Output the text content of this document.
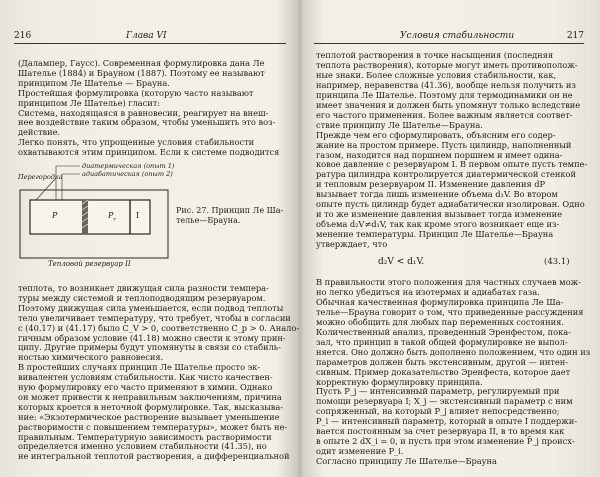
216	Глава VI
(Далампер, Гаусс). Современная формулировка дана Ле
Шателье (1884) и Брауном (1887). Поэтому ее называют
принципом Ле Шателье — Брауна.
Простейшая формулировка (которую часто называют
принципом Ле Шателье) гласит:
Система, находящаяся в равновесии, реагирует на внеш-
нее воздействие таким образом, чтобы уменьшить это воз-
действие.
Легко понять, что упрощенные условия стабильности
охватываются этим принципом. Если к системе подводится
Перегородка
диатермическая (опыт 1)
адиабатическая (опыт 2)
P	$P_r$	I
Тепловой резервуар II
Рис. 27. Принцип Ле Ша-
телье—Брауна.
теплота, то возникает движущая сила разности темпера-
туры между системой и теплоподводящим резервуаром.
Поэтому движущая сила уменьшается, если подвод теплоты
тело увеличивает температуру, что требует, чтобы в согласии
с (40.17) и (41.17) было C_V > 0, соответственно C_p > 0. Анало-
гичным образом условие (41.18) можно свести к этому прин-
ципу. Другие примеры будут упомянуты в связи со стабиль-
ностью химического равновесия.
В простейших случаях принцип Ле Шателье просто эк-
вивалентен условиям стабильности. Как чисто качествен-
ную формулировку его часто применяют в химии. Однако
он может привести к неправильным заключениям, причина
которых кроется в неточной формулировке. Так, высказыва-
ние: «Экзотермическое растворение вызывает уменьшение
растворимости с повышением температуры», может быть не-
правильным. Температурную зависимость растворимости
определяется именно условием стабильности (41.35), но
не интегральной теплотой растворения, а дифференциальной
Условия стабильности	217
теплотой растворения в точке насыщения (последняя
теплота растворения), которые могут иметь противополож-
ные знаки. Более сложные условия стабильности, как,
например, неравенства (41.36), вообще нельзя получить из
принципа Ле Шателье. Поэтому для термодинамики он не
имеет значения и должен быть упомянут только вследствие
его частого применения. Более важным является соответ-
ствие принципу Ле Шателье—Брауна.
Прежде чем его сформулировать, объясним его содер-
жание на простом примере. Пусть цилиндр, наполненный
газом, находится над поршнем поршнем и имеет одина-
ковое давление с резервуаром I. В первом опыте пусть темпе-
ратура цилиндра контролируется диатермической стенкой
и тепловым резервуаром II. Изменение давления dP
вызывает тогда лишь изменение объема d₁V. Во втором
опыте пусть цилиндр будет адиабатически изолирован. Одно
и то же изменение давления вызывает тогда изменение
объема d₂V≠d₁V, так как кроме этого возникает еще из-
менение температуры. Принцип Ле Шателье—Брауна
утверждает, что
d₂V < d₁V.	(43.1)
В правильности этого положения для частных случаев мож-
но легко убедиться на изотермах и адиабатах газа.
Обычная качественная формулировка принципа Ле Ша-
телье—Брауна говорит о том, что приведенные рассуждения
можно обобщить для любых пар переменных состояния.
Количественный анализ, проведенный Эренфестом, пока-
зал, что принцип в такой общей формулировке не выпол-
няется. Оно должно быть дополнено положением, что один из
параметров должен быть экстенсивным, другой — интен-
сивным. Пример доказательство Эренфеста, которое дает
корректную формулировку принципа.
Пусть P_j — интенсивный параметр, регулируемый при
помощи резервуара I; X_j — экстенсивный параметр с ним
сопряженный, на который P_j влияет непосредственно;
P_i — интенсивный параметр, который в опыте I поддержи-
вается постоянным за счет резервуара II, в то время как
в опыте 2 dX_i = 0, и пусть при этом изменение P̄_j происх-
одит изменение P_i.
Согласно принципу Ле Шателье—Брауна
